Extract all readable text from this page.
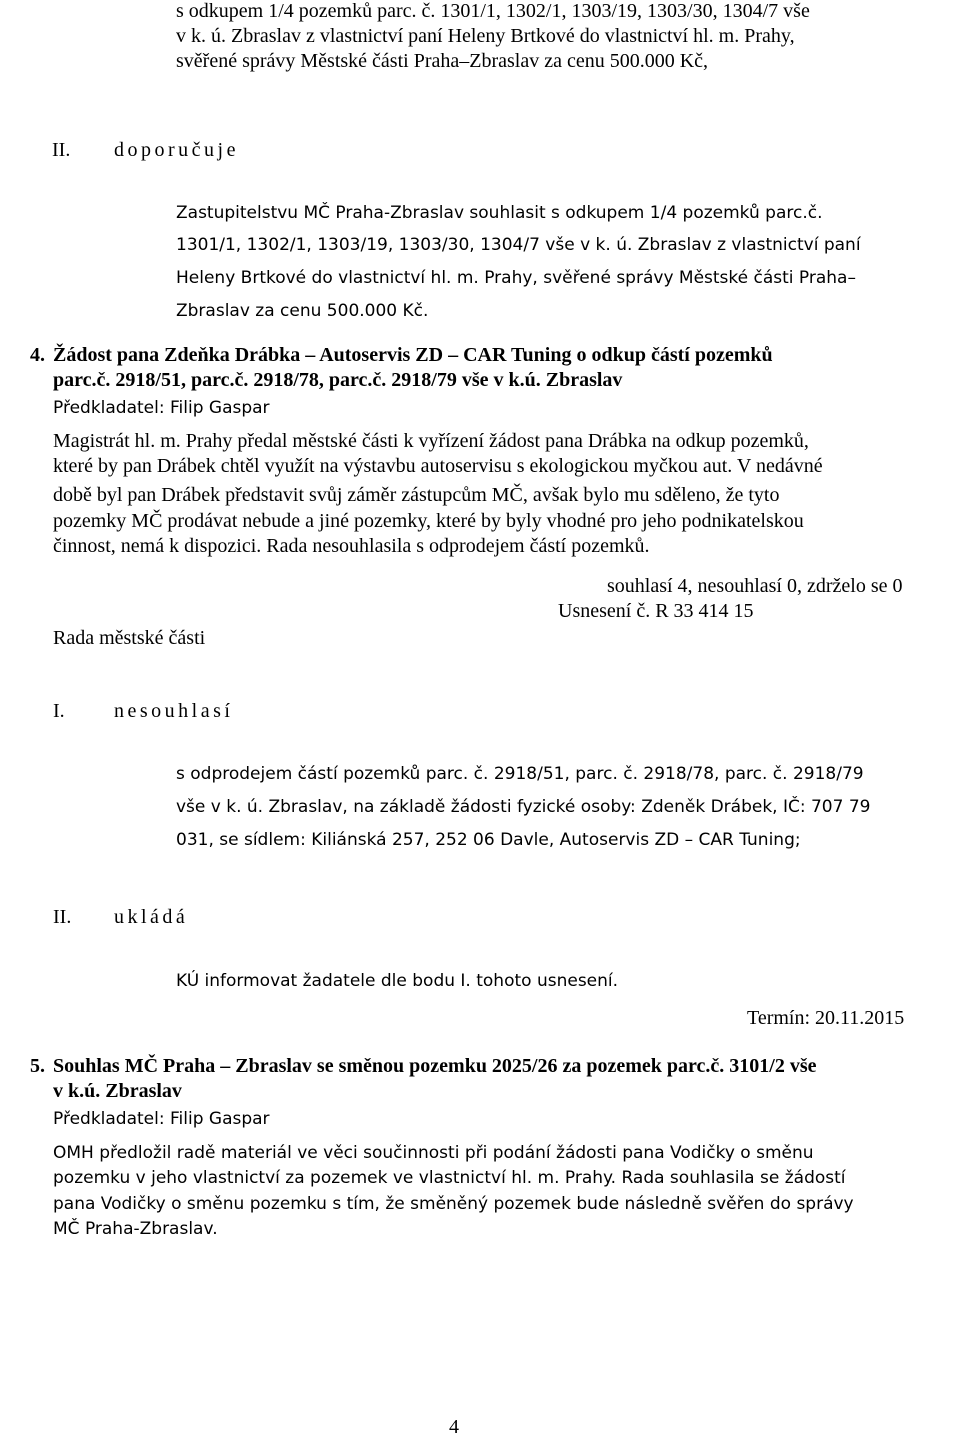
s odkupem 1/4 pozemků parc. č. 1301/1, 1302/1, 1303/19, 1303/30, 1304/7 vše

v k. ú. Zbraslav z vlastnictví paní Heleny Brtkové do vlastnictví hl. m. Prahy,

svěřené správy Městské části Praha–Zbraslav za cenu 500.000 Kč,

II. doporučuje

Zastupitelstvu MČ Praha-Zbraslav souhlasit s odkupem 1/4 pozemků parc.č.

1301/1, 1302/1, 1303/19, 1303/30, 1304/7 vše v k. ú. Zbraslav z vlastnictví paní

Heleny Brtkové do vlastnictví hl. m. Prahy, svěřené správy Městské části Praha–

Zbraslav za cenu 500.000 Kč.

4. Žádost pana Zdeňka Drábka – Autoservis ZD – CAR Tuning o odkup částí pozemků

parc.č. 2918/51, parc.č. 2918/78, parc.č. 2918/79 vše v k.ú. Zbraslav

Předkladatel: Filip Gaspar

Magistrát hl. m. Prahy předal městské části k vyřízení žádost pana Drábka na odkup pozemků,

které by pan Drábek chtěl využít na výstavbu autoservisu s ekologickou myčkou aut. V nedávné

době byl pan Drábek představit svůj záměr zástupcům MČ, avšak bylo mu sděleno, že tyto

pozemky MČ prodávat nebude a jiné pozemky, které by byly vhodné pro jeho podnikatelskou

činnost, nemá k dispozici. Rada nesouhlasila s odprodejem částí pozemků.

souhlasí 4, nesouhlasí 0, zdrželo se 0

Usnesení č. R 33 414 15

Rada městské části

I. nesouhlasí

s odprodejem částí pozemků parc. č. 2918/51, parc. č. 2918/78, parc. č. 2918/79

vše v k. ú. Zbraslav, na základě žádosti fyzické osoby: Zdeněk Drábek, IČ: 707 79

031, se sídlem: Kiliánská 257, 252 06 Davle, Autoservis ZD – CAR Tuning;

II. ukládá

KÚ informovat žadatele dle bodu I. tohoto usnesení.

Termín: 20.11.2015

5. Souhlas MČ Praha – Zbraslav se směnou pozemku 2025/26 za pozemek parc.č. 3101/2 vše

v k.ú. Zbraslav

Předkladatel: Filip Gaspar

OMH předložil radě materiál ve věci součinnosti při podání žádosti pana Vodičky o směnu

pozemku v jeho vlastnictví za pozemek ve vlastnictví hl. m. Prahy. Rada souhlasila se žádostí

pana Vodičky o směnu pozemku s tím, že směněný pozemek bude následně svěřen do správy

MČ Praha-Zbraslav.

4
